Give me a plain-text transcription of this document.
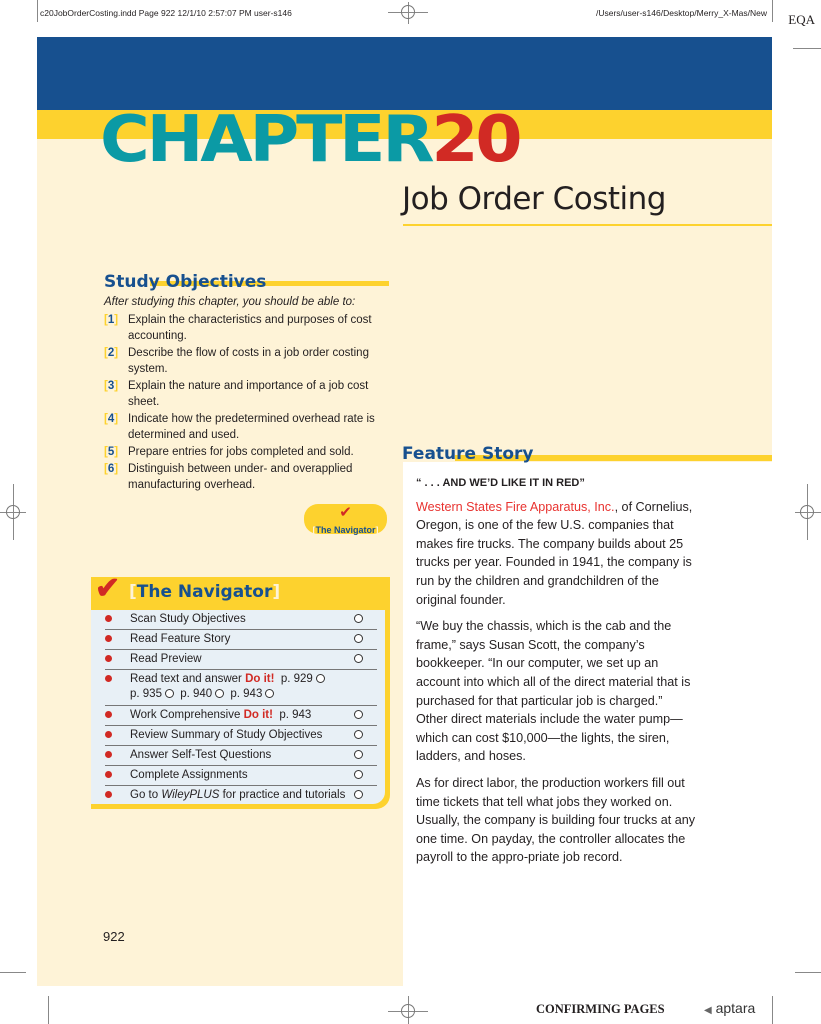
c20JobOrderCosting.indd Page 922 12/1/10 2:57:07 PM user-s146	/Users/user-s146/Desktop/Merry_X-Mas/New EQA
CHAPTER20
Job Order Costing
Study Objectives
After studying this chapter, you should be able to:
[1] Explain the characteristics and purposes of cost accounting.
[2] Describe the flow of costs in a job order costing system.
[3] Explain the nature and importance of a job cost sheet.
[4] Indicate how the predetermined overhead rate is determined and used.
[5] Prepare entries for jobs completed and sold.
[6] Distinguish between under- and overapplied manufacturing overhead.
✔
[The Navigator]
✔ [The Navigator]
Scan Study Objectives
Read Feature Story
Read Preview
Read text and answer Do it! p. 929
p. 935 p. 940 p. 943
Work Comprehensive Do it! p. 943
Review Summary of Study Objectives
Answer Self-Test Questions
Complete Assignments
Go to WileyPLUS for practice and tutorials
Feature Story
“ . . . AND WE’D LIKE IT IN RED”

Western States Fire Apparatus, Inc., of Cornelius, Oregon, is one of the few U.S. companies that makes fire trucks. The company builds about 25 trucks per year. Founded in 1941, the company is run by the children and grandchildren of the original founder.

“We buy the chassis, which is the cab and the frame,” says Susan Scott, the company’s bookkeeper. “In our computer, we set up an account into which all of the direct material that is purchased for that particular job is charged.” Other direct materials include the water pump—which can cost $10,000—the lights, the siren, ladders, and hoses.

As for direct labor, the production workers fill out time tickets that tell what jobs they worked on. Usually, the company is building four trucks at any one time. On payday, the controller allocates the payroll to the appro-priate job record.

922
CONFIRMING PAGES	◀ aptara
